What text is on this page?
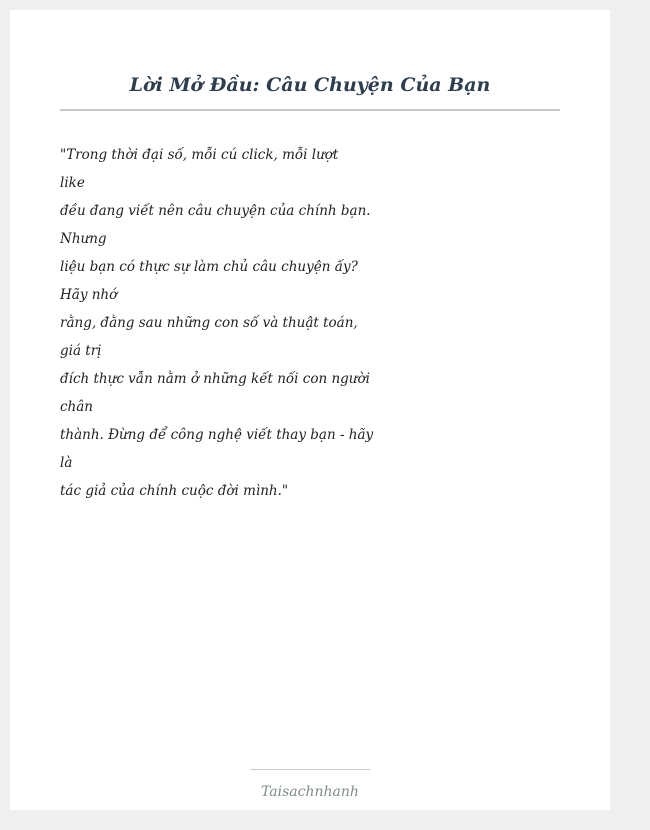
Lời Mở Đầu: Câu Chuyện Của Bạn
"Trong thời đại số, mỗi cú click, mỗi lượt
like
đều đang viết nên câu chuyện của chính bạn.
Nhưng
liệu bạn có thực sự làm chủ câu chuyện ấy?
Hãy nhớ
rằng, đằng sau những con số và thuật toán,
giá trị
đích thực vẫn nằm ở những kết nối con người
chân
thành. Đừng để công nghệ viết thay bạn - hãy
là
tác giả của chính cuộc đời mình."
Taisachnhanh
